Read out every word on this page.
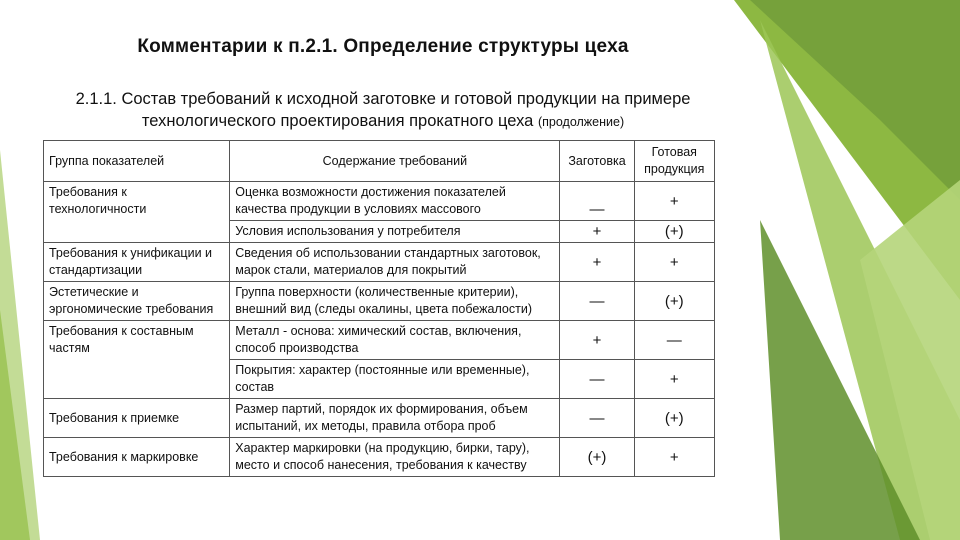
Комментарии к п.2.1. Определение структуры цеха
2.1.1. Состав требований к исходной заготовке и готовой продукции на примере
технологического проектирования прокатного цеха (продолжение)
Группа показателей	Содержание требований	Заготовка	Готовая продукция
Требования к технологичности	Оценка возможности достижения показателей качества продукции в условиях массового	—	+
	Условия использования у потребителя	+	(+)
Требования к унификации и стандартизации	Сведения об использовании стандартных заготовок, марок стали, материалов для покрытий	+	+
Эстетические и эргономические требования	Группа поверхности (количественные критерии), внешний вид (следы окалины, цвета побежалости)	—	(+)
Требования к составным частям	Металл - основа: химический состав, включения, способ производства	+	—
	Покрытия: характер (постоянные или временные), состав	—	+
Требования к приемке	Размер партий, порядок их формирования, объем испытаний, их методы, правила отбора проб	—	(+)
Требования к маркировке	Характер маркировки (на продукцию, бирки, тару), место и способ нанесения, требования к качеству	(+)	+
